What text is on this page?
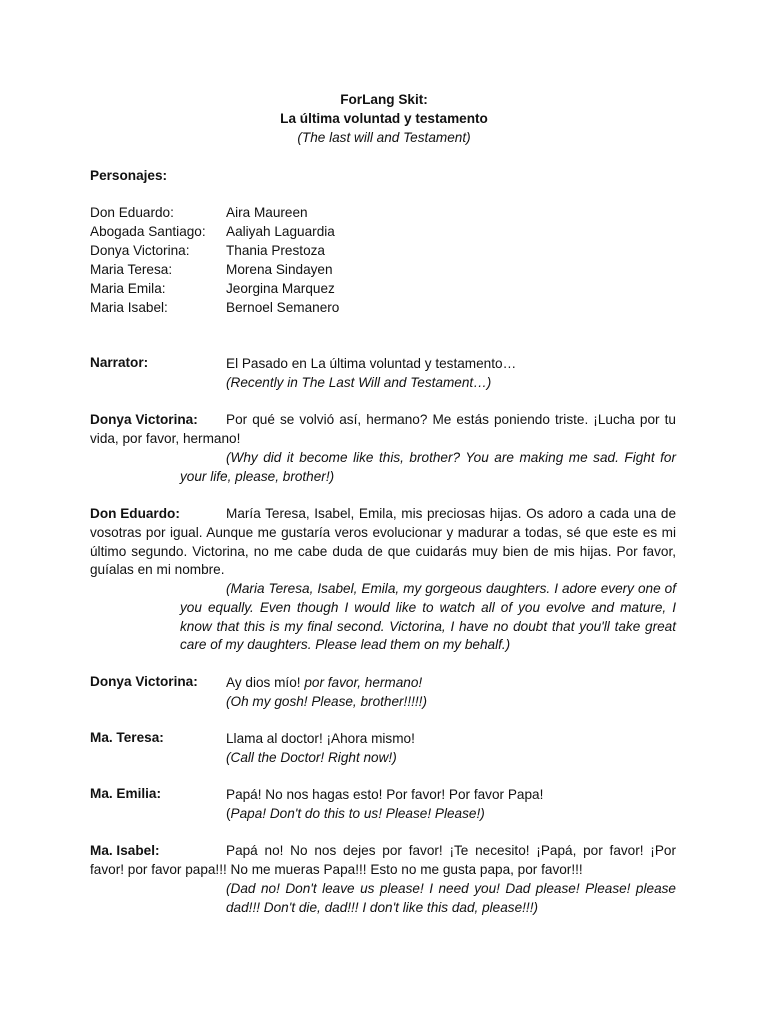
ForLang Skit:
La última voluntad y testamento
(The last will and Testament)
Personajes:
Don Eduardo:	Aira Maureen
Abogada Santiago: Aaliyah Laguardia
Donya Victorina:	Thania Prestoza
Maria Teresa:	Morena Sindayen
Maria Emila:	Jeorgina Marquez
Maria Isabel:	Bernoel Semanero
Narrator:	El Pasado en La última voluntad y testamento…
(Recently in The Last Will and Testament…)
Donya Victorina: Por qué se volvió así, hermano? Me estás poniendo triste. ¡Lucha por tu vida, por favor, hermano!
(Why did it become like this, brother? You are making me sad. Fight for your life, please, brother!)
Don Eduardo:	María Teresa, Isabel, Emila, mis preciosas hijas. Os adoro a cada una de vosotras por igual. Aunque me gustaría veros evolucionar y madurar a todas, sé que este es mi último segundo. Victorina, no me cabe duda de que cuidarás muy bien de mis hijas. Por favor, guíalas en mi nombre.
(Maria Teresa, Isabel, Emila, my gorgeous daughters. I adore every one of you equally. Even though I would like to watch all of you evolve and mature, I know that this is my final second. Victorina, I have no doubt that you'll take great care of my daughters. Please lead them on my behalf.)
Donya Victorina: Ay dios mío! por favor, hermano!
(Oh my gosh! Please, brother!!!!!)
Ma. Teresa:	Llama al doctor! ¡Ahora mismo!
(Call the Doctor! Right now!)
Ma. Emilia:	Papá! No nos hagas esto! Por favor! Por favor Papa!
(Papa! Don't do this to us! Please! Please!)
Ma. Isabel:	Papá no! No nos dejes por favor! ¡Te necesito! ¡Papá, por favor! ¡Por favor! por favor papa!!! No me mueras Papa!!! Esto no me gusta papa, por favor!!!
(Dad no! Don't leave us please! I need you! Dad please! Please! please dad!!! Don't die, dad!!! I don't like this dad, please!!!)
